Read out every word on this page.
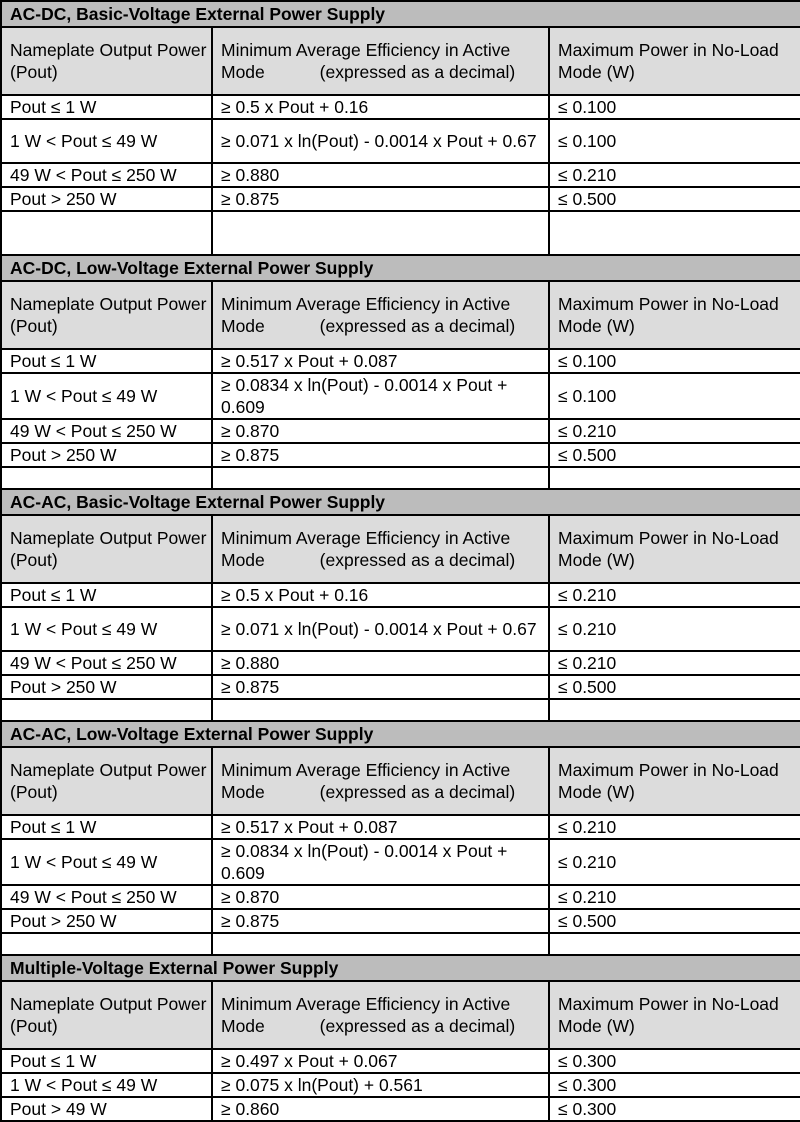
AC-DC, Basic-Voltage External Power Supply		
Nameplate Output Power (Pout)	Minimum Average Efficiency in Active Mode (expressed as a decimal)	Maximum Power in No-Load Mode (W)
Pout ≤ 1 W	≥ 0.5 x Pout + 0.16	≤ 0.100
1 W < Pout ≤ 49 W	≥ 0.071 x ln(Pout) - 0.0014 x Pout + 0.67	≤ 0.100
49 W < Pout ≤ 250 W	≥ 0.880	≤ 0.210
Pout > 250 W	≥ 0.875	≤ 0.500

AC-DC, Low-Voltage External Power Supply		
Nameplate Output Power (Pout)	Minimum Average Efficiency in Active Mode (expressed as a decimal)	Maximum Power in No-Load Mode (W)
Pout ≤ 1 W	≥ 0.517 x Pout + 0.087	≤ 0.100
1 W < Pout ≤ 49 W	≥ 0.0834 x ln(Pout) - 0.0014 x Pout + 0.609	≤ 0.100
49 W < Pout ≤ 250 W	≥ 0.870	≤ 0.210
Pout > 250 W	≥ 0.875	≤ 0.500

AC-AC, Basic-Voltage External Power Supply		
Nameplate Output Power (Pout)	Minimum Average Efficiency in Active Mode (expressed as a decimal)	Maximum Power in No-Load Mode (W)
Pout ≤ 1 W	≥ 0.5 x Pout + 0.16	≤ 0.210
1 W < Pout ≤ 49 W	≥ 0.071 x ln(Pout) - 0.0014 x Pout + 0.67	≤ 0.210
49 W < Pout ≤ 250 W	≥ 0.880	≤ 0.210
Pout > 250 W	≥ 0.875	≤ 0.500

AC-AC, Low-Voltage External Power Supply		
Nameplate Output Power (Pout)	Minimum Average Efficiency in Active Mode (expressed as a decimal)	Maximum Power in No-Load Mode (W)
Pout ≤ 1 W	≥ 0.517 x Pout + 0.087	≤ 0.210
1 W < Pout ≤ 49 W	≥ 0.0834 x ln(Pout) - 0.0014 x Pout + 0.609	≤ 0.210
49 W < Pout ≤ 250 W	≥ 0.870	≤ 0.210
Pout > 250 W	≥ 0.875	≤ 0.500

Multiple-Voltage External Power Supply		
Nameplate Output Power (Pout)	Minimum Average Efficiency in Active Mode (expressed as a decimal)	Maximum Power in No-Load Mode (W)
Pout ≤ 1 W	≥ 0.497 x Pout + 0.067	≤ 0.300
1 W < Pout ≤ 49 W	≥ 0.075 x ln(Pout) + 0.561	≤ 0.300
Pout > 49 W	≥ 0.860	≤ 0.300
